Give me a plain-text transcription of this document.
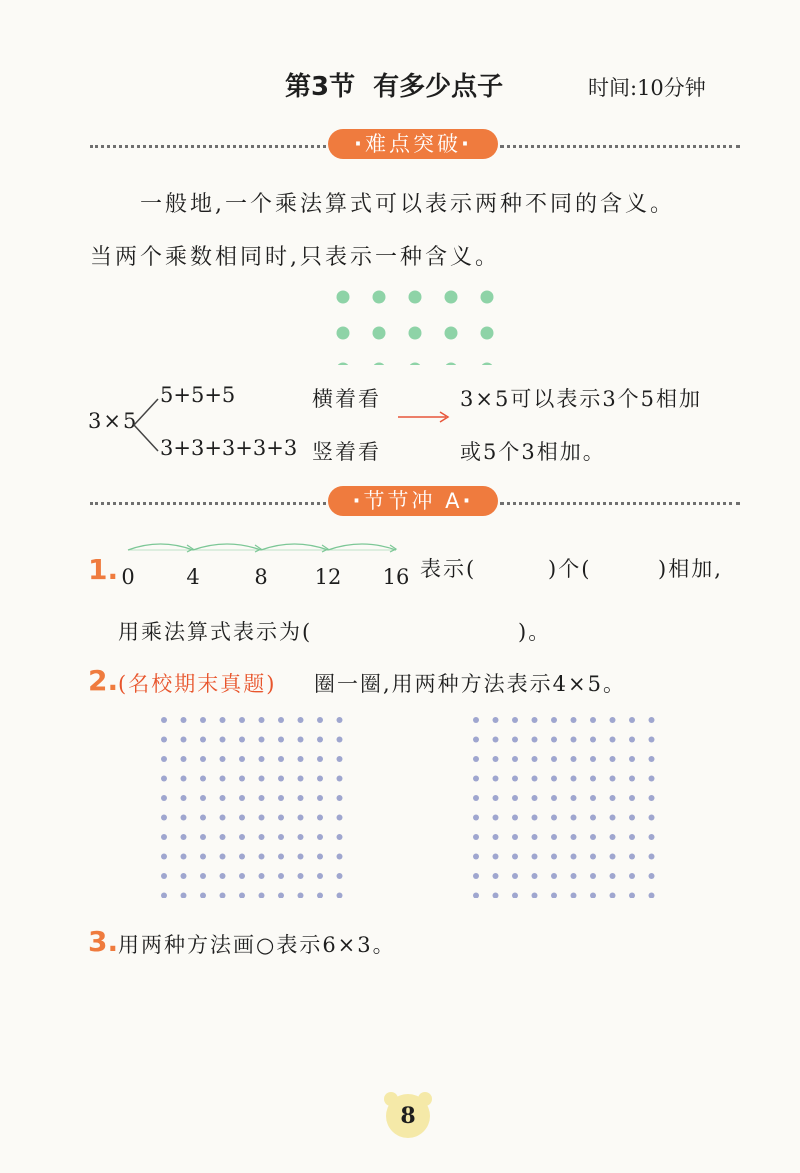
第3节 有多少点子	时间:10分钟
·难点突破·
一般地,一个乘法算式可以表示两种不同的含义。
当两个乘数相同时,只表示一种含义。
3×5
5+5+5
3+3+3+3+3
横着看
竖着看
3×5可以表示3个5相加
或5个3相加。
·节节冲 A·
1. 0 4	8 12 16 表示(	)个(	)相加,
用乘法算式表示为(	)。
2. (名校期末真题) 圈一圈,用两种方法表示4×5。
3. 用两种方法画○表示6×3。
8
